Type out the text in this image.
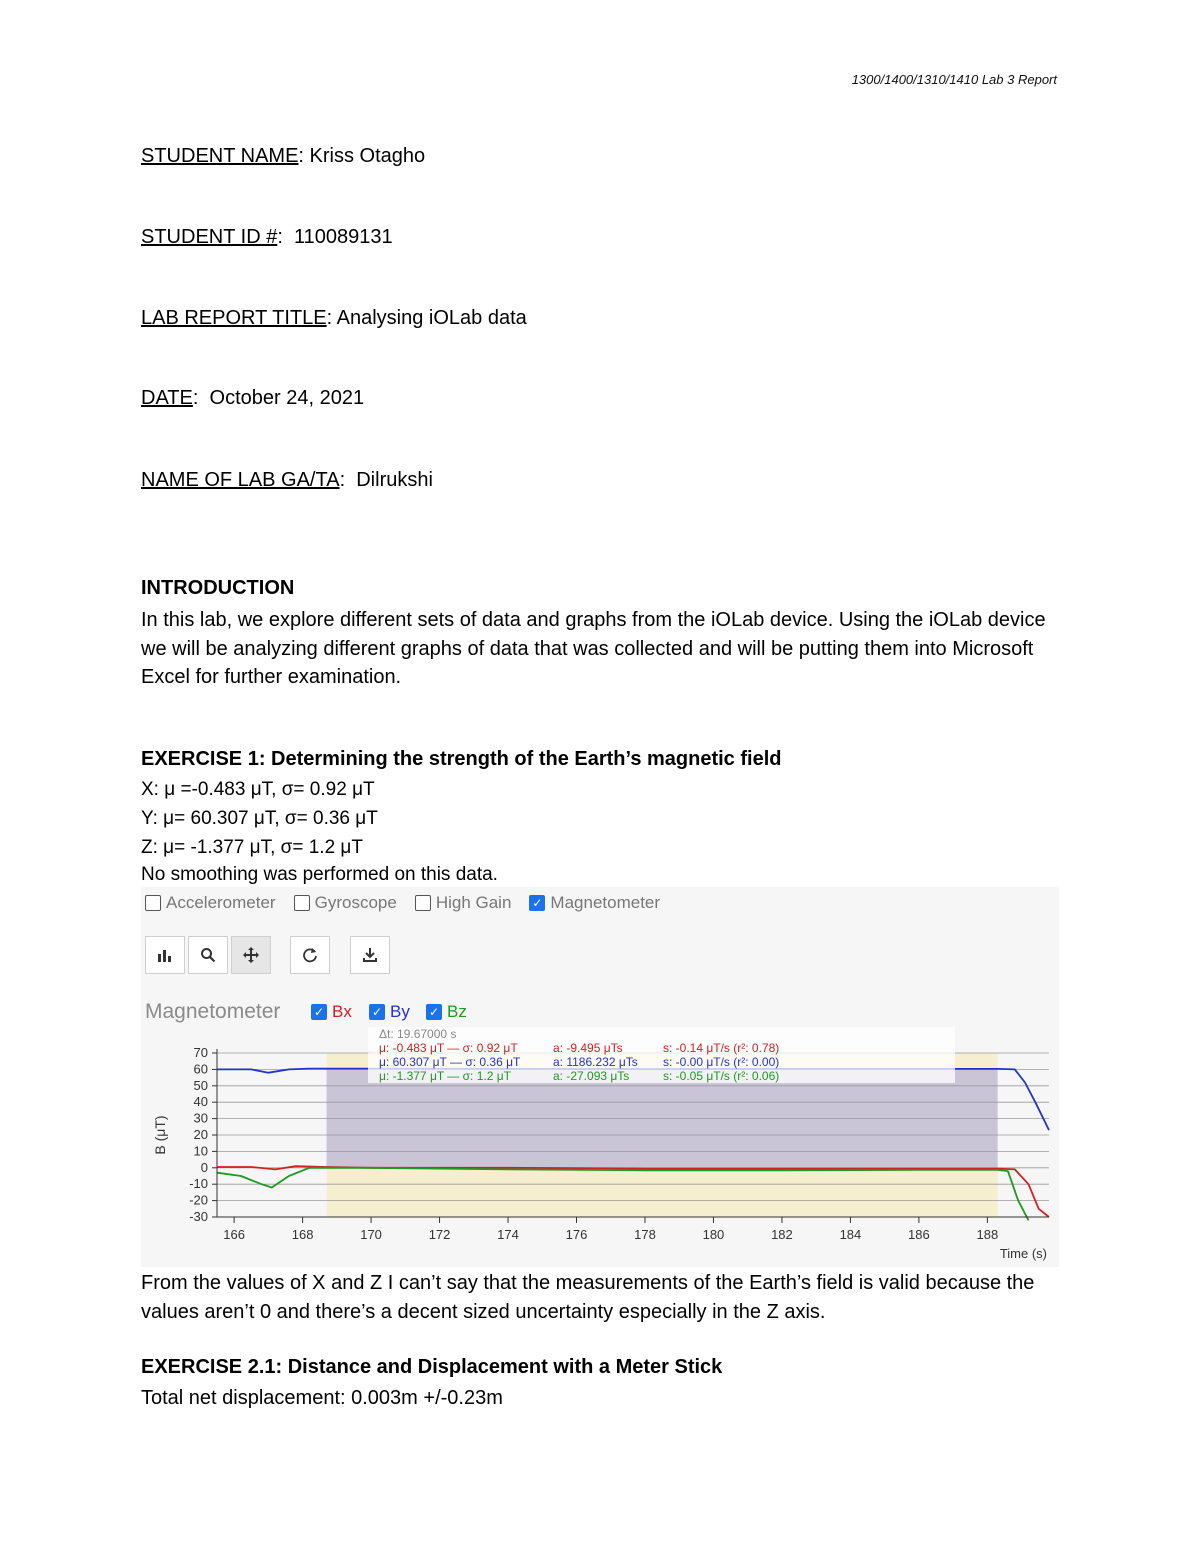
1300/1400/1310/1410 Lab 3 Report
STUDENT NAME: Kriss Otagho
STUDENT ID #:  110089131
LAB REPORT TITLE: Analysing iOLab data
DATE:  October 24, 2021
NAME OF LAB GA/TA:  Dilrukshi
INTRODUCTION
In this lab, we explore different sets of data and graphs from the iOLab device. Using the iOLab device we will be analyzing different graphs of data that was collected and will be putting them into Microsoft Excel for further examination.
EXERCISE 1: Determining the strength of the Earth’s magnetic field
X: μ =-0.483 μT, σ= 0.92 μT
Y: μ= 60.307 μT, σ= 0.36 μT
Z: μ= -1.377 μT, σ= 1.2 μT
No smoothing was performed on this data.
Accelerometer Gyroscope High Gain ✓ Magnetometer
Magnetometer	✓ Bx ✓ By ✓ Bz
70
60
50
40
30
20
10
0
-10
-20
-30
166	168	170	172	174	176	178	180	182	184	186	188
Time (s)
B (μT)
Δt: 19.67000 s
μ: -0.483 μT — σ: 0.92 μT	a: -9.495 μTs	s: -0.14 μT/s (r²: 0.78)
μ: 60.307 μT — σ: 0.36 μT	a: 1186.232 μTs s: -0.00 μT/s (r²: 0.00)
μ: -1.377 μT — σ: 1.2 μT	a: -27.093 μTs	s: -0.05 μT/s (r²: 0.06)
From the values of X and Z I can’t say that the measurements of the Earth’s field is valid because the values aren’t 0 and there’s a decent sized uncertainty especially in the Z axis.
EXERCISE 2.1: Distance and Displacement with a Meter Stick
Total net displacement: 0.003m +/-0.23m
